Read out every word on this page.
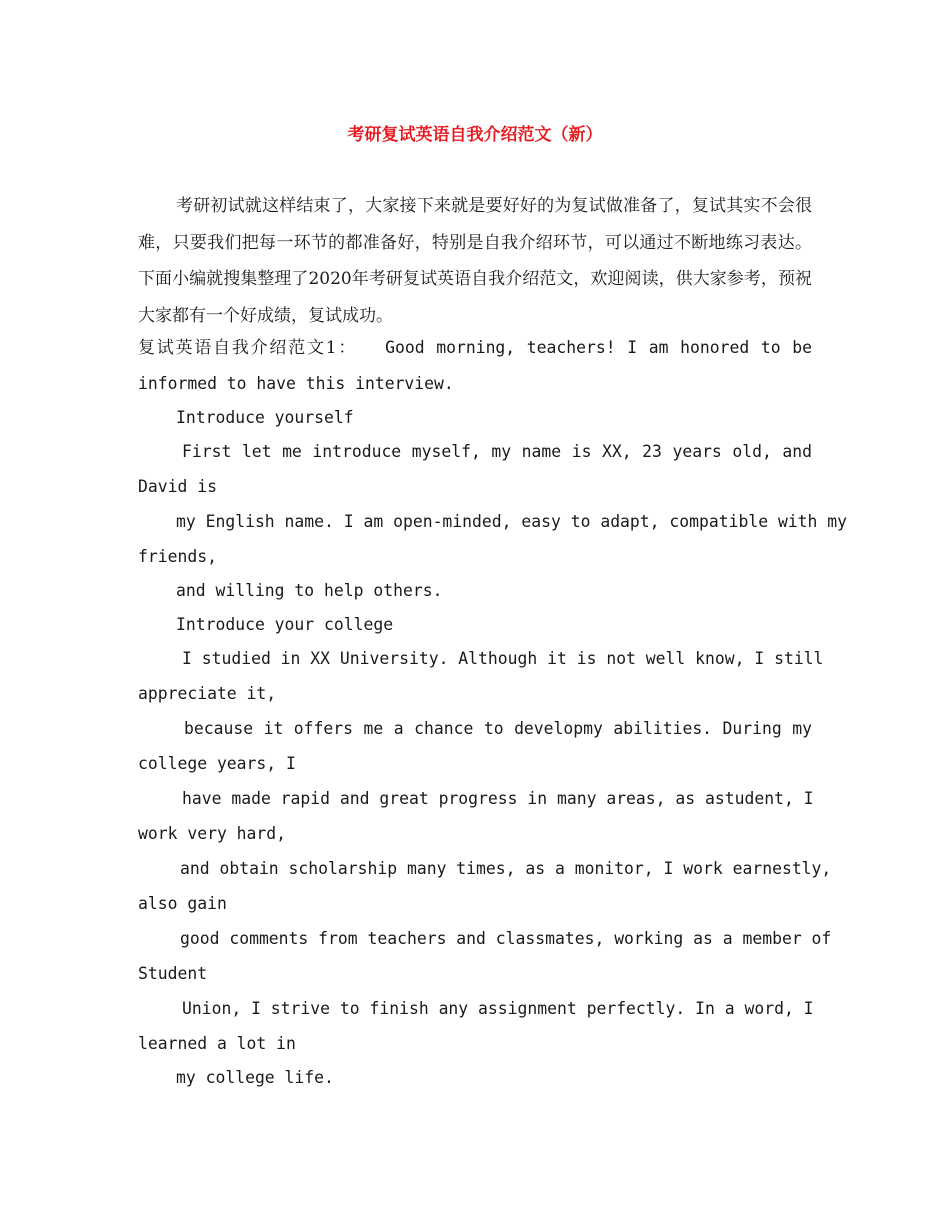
考研复试英语自我介绍范文（新）

考研初试就这样结束了，大家接下来就是要好好的为复试做准备了，复试其实不会很难，只要我们把每一环节的都准备好，特别是自我介绍环节，可以通过不断地练习表达。下面小编就搜集整理了2020年考研复试英语自我介绍范文，欢迎阅读，供大家参考，预祝大家都有一个好成绩，复试成功。

复试英语自我介绍范文1： Good morning, teachers! I am honored to be
informed to have this interview.
Introduce yourself
First let me introduce myself, my name is XX, 23 years old, and
David is
my English name. I am open-minded, easy to adapt, compatible with my
friends,
and willing to help others.
Introduce your college
I studied in XX University. Although it is not well know, I still
appreciate it,
because it offers me a chance to developmy abilities. During my
college years, I
have made rapid and great progress in many areas, as astudent, I
work very hard,
and obtain scholarship many times, as a monitor, I work earnestly,
also gain
good comments from teachers and classmates, working as a member of
Student
Union, I strive to finish any assignment perfectly. In a word, I
learned a lot in
my college life.
